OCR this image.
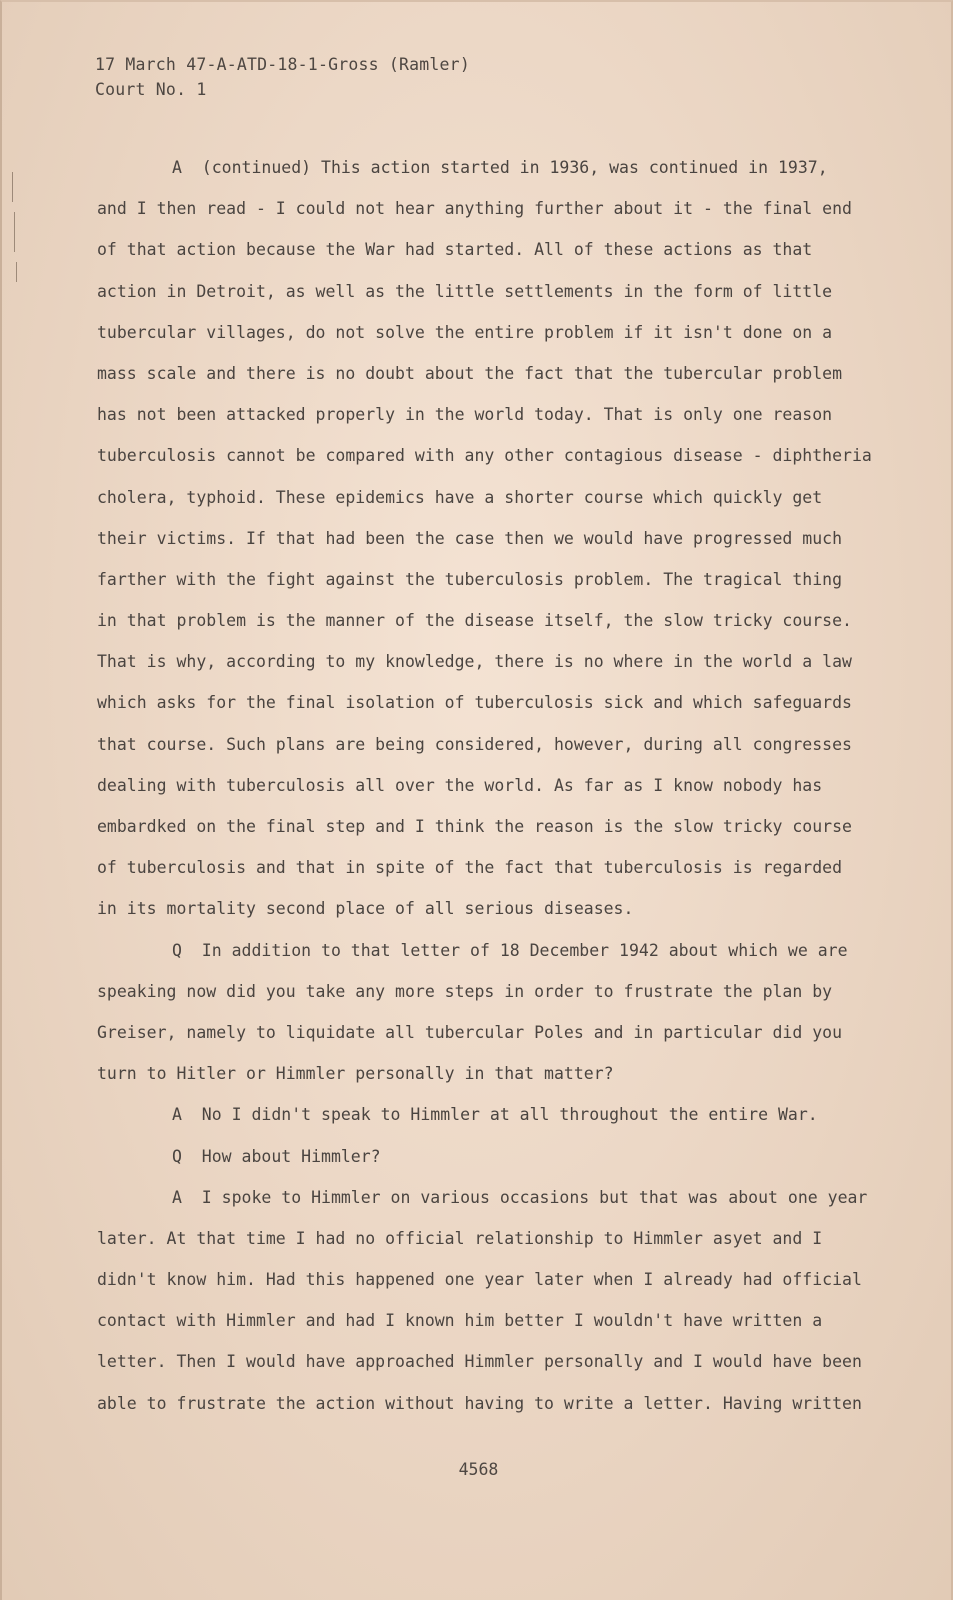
17 March 47-A-ATD-18-1-Gross (Ramler)
Court No. 1
A  (continued) This action started in 1936, was continued in 1937,
and I then read - I could not hear anything further about it - the final end
of that action because the War had started. All of these actions as that
action in Detroit, as well as the little settlements in the form of little
tubercular villages, do not solve the entire problem if it isn't done on a
mass scale and there is no doubt about the fact that the tubercular problem
has not been attacked properly in the world today. That is only one reason
tuberculosis cannot be compared with any other contagious disease - diphtheria
cholera, typhoid. These epidemics have a shorter course which quickly get
their victims. If that had been the case then we would have progressed much
farther with the fight against the tuberculosis problem. The tragical thing
in that problem is the manner of the disease itself, the slow tricky course.
That is why, according to my knowledge, there is no where in the world a law
which asks for the final isolation of tuberculosis sick and which safeguards
that course. Such plans are being considered, however, during all congresses
dealing with tuberculosis all over the world. As far as I know nobody has
embardked on the final step and I think the reason is the slow tricky course
of tuberculosis and that in spite of the fact that tuberculosis is regarded
in its mortality second place of all serious diseases.
Q  In addition to that letter of 18 December 1942 about which we are
speaking now did you take any more steps in order to frustrate the plan by
Greiser, namely to liquidate all tubercular Poles and in particular did you
turn to Hitler or Himmler personally in that matter?
A  No I didn't speak to Himmler at all throughout the entire War.
Q  How about Himmler?
A  I spoke to Himmler on various occasions but that was about one year
later. At that time I had no official relationship to Himmler asyet and I
didn't know him. Had this happened one year later when I already had official
contact with Himmler and had I known him better I wouldn't have written a
letter. Then I would have approached Himmler personally and I would have been
able to frustrate the action without having to write a letter. Having written
4568
